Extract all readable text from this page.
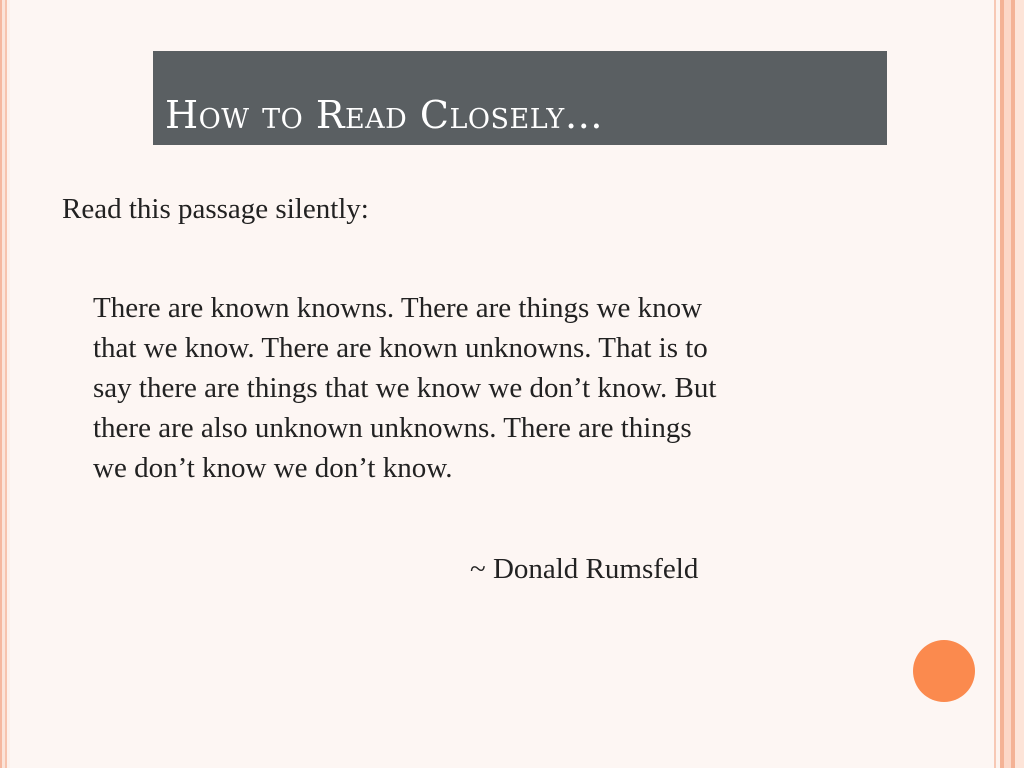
How to Read Closely…
Read this passage silently:
There are known knowns. There are things we know
that we know. There are known unknowns. That is to
say there are things that we know we don’t know. But
there are also unknown unknowns. There are things
we don’t know we don’t know.
~ Donald Rumsfeld
